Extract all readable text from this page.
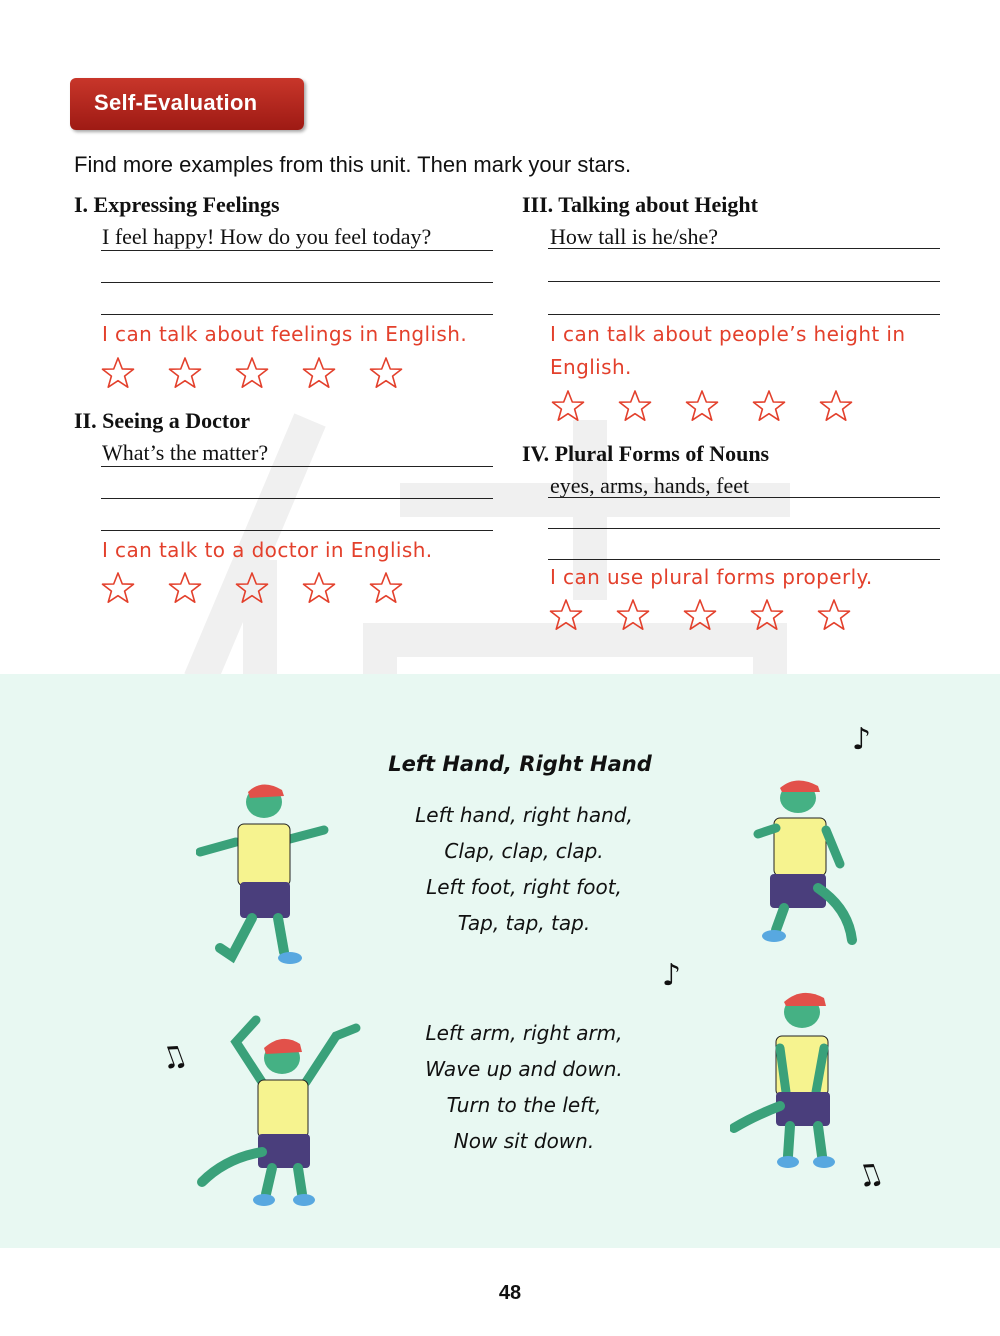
Self-Evaluation
Find more examples from this unit. Then mark your stars.
I. Expressing Feelings
I feel happy! How do you feel today?
I can talk about feelings in English.
II. Seeing a Doctor
What’s the matter?
I can talk to a doctor in English.
III. Talking about Height
How tall is he/she?
I can talk about people’s height in English.
IV. Plural Forms of Nouns
eyes, arms, hands, feet
I can use plural forms properly.
Left Hand, Right Hand
Left hand, right hand,
Clap, clap, clap.
Left foot, right foot,
Tap, tap, tap.
Left arm, right arm,
Wave up and down.
Turn to the left,
Now sit down.
♪
♪
♫
♫
48
